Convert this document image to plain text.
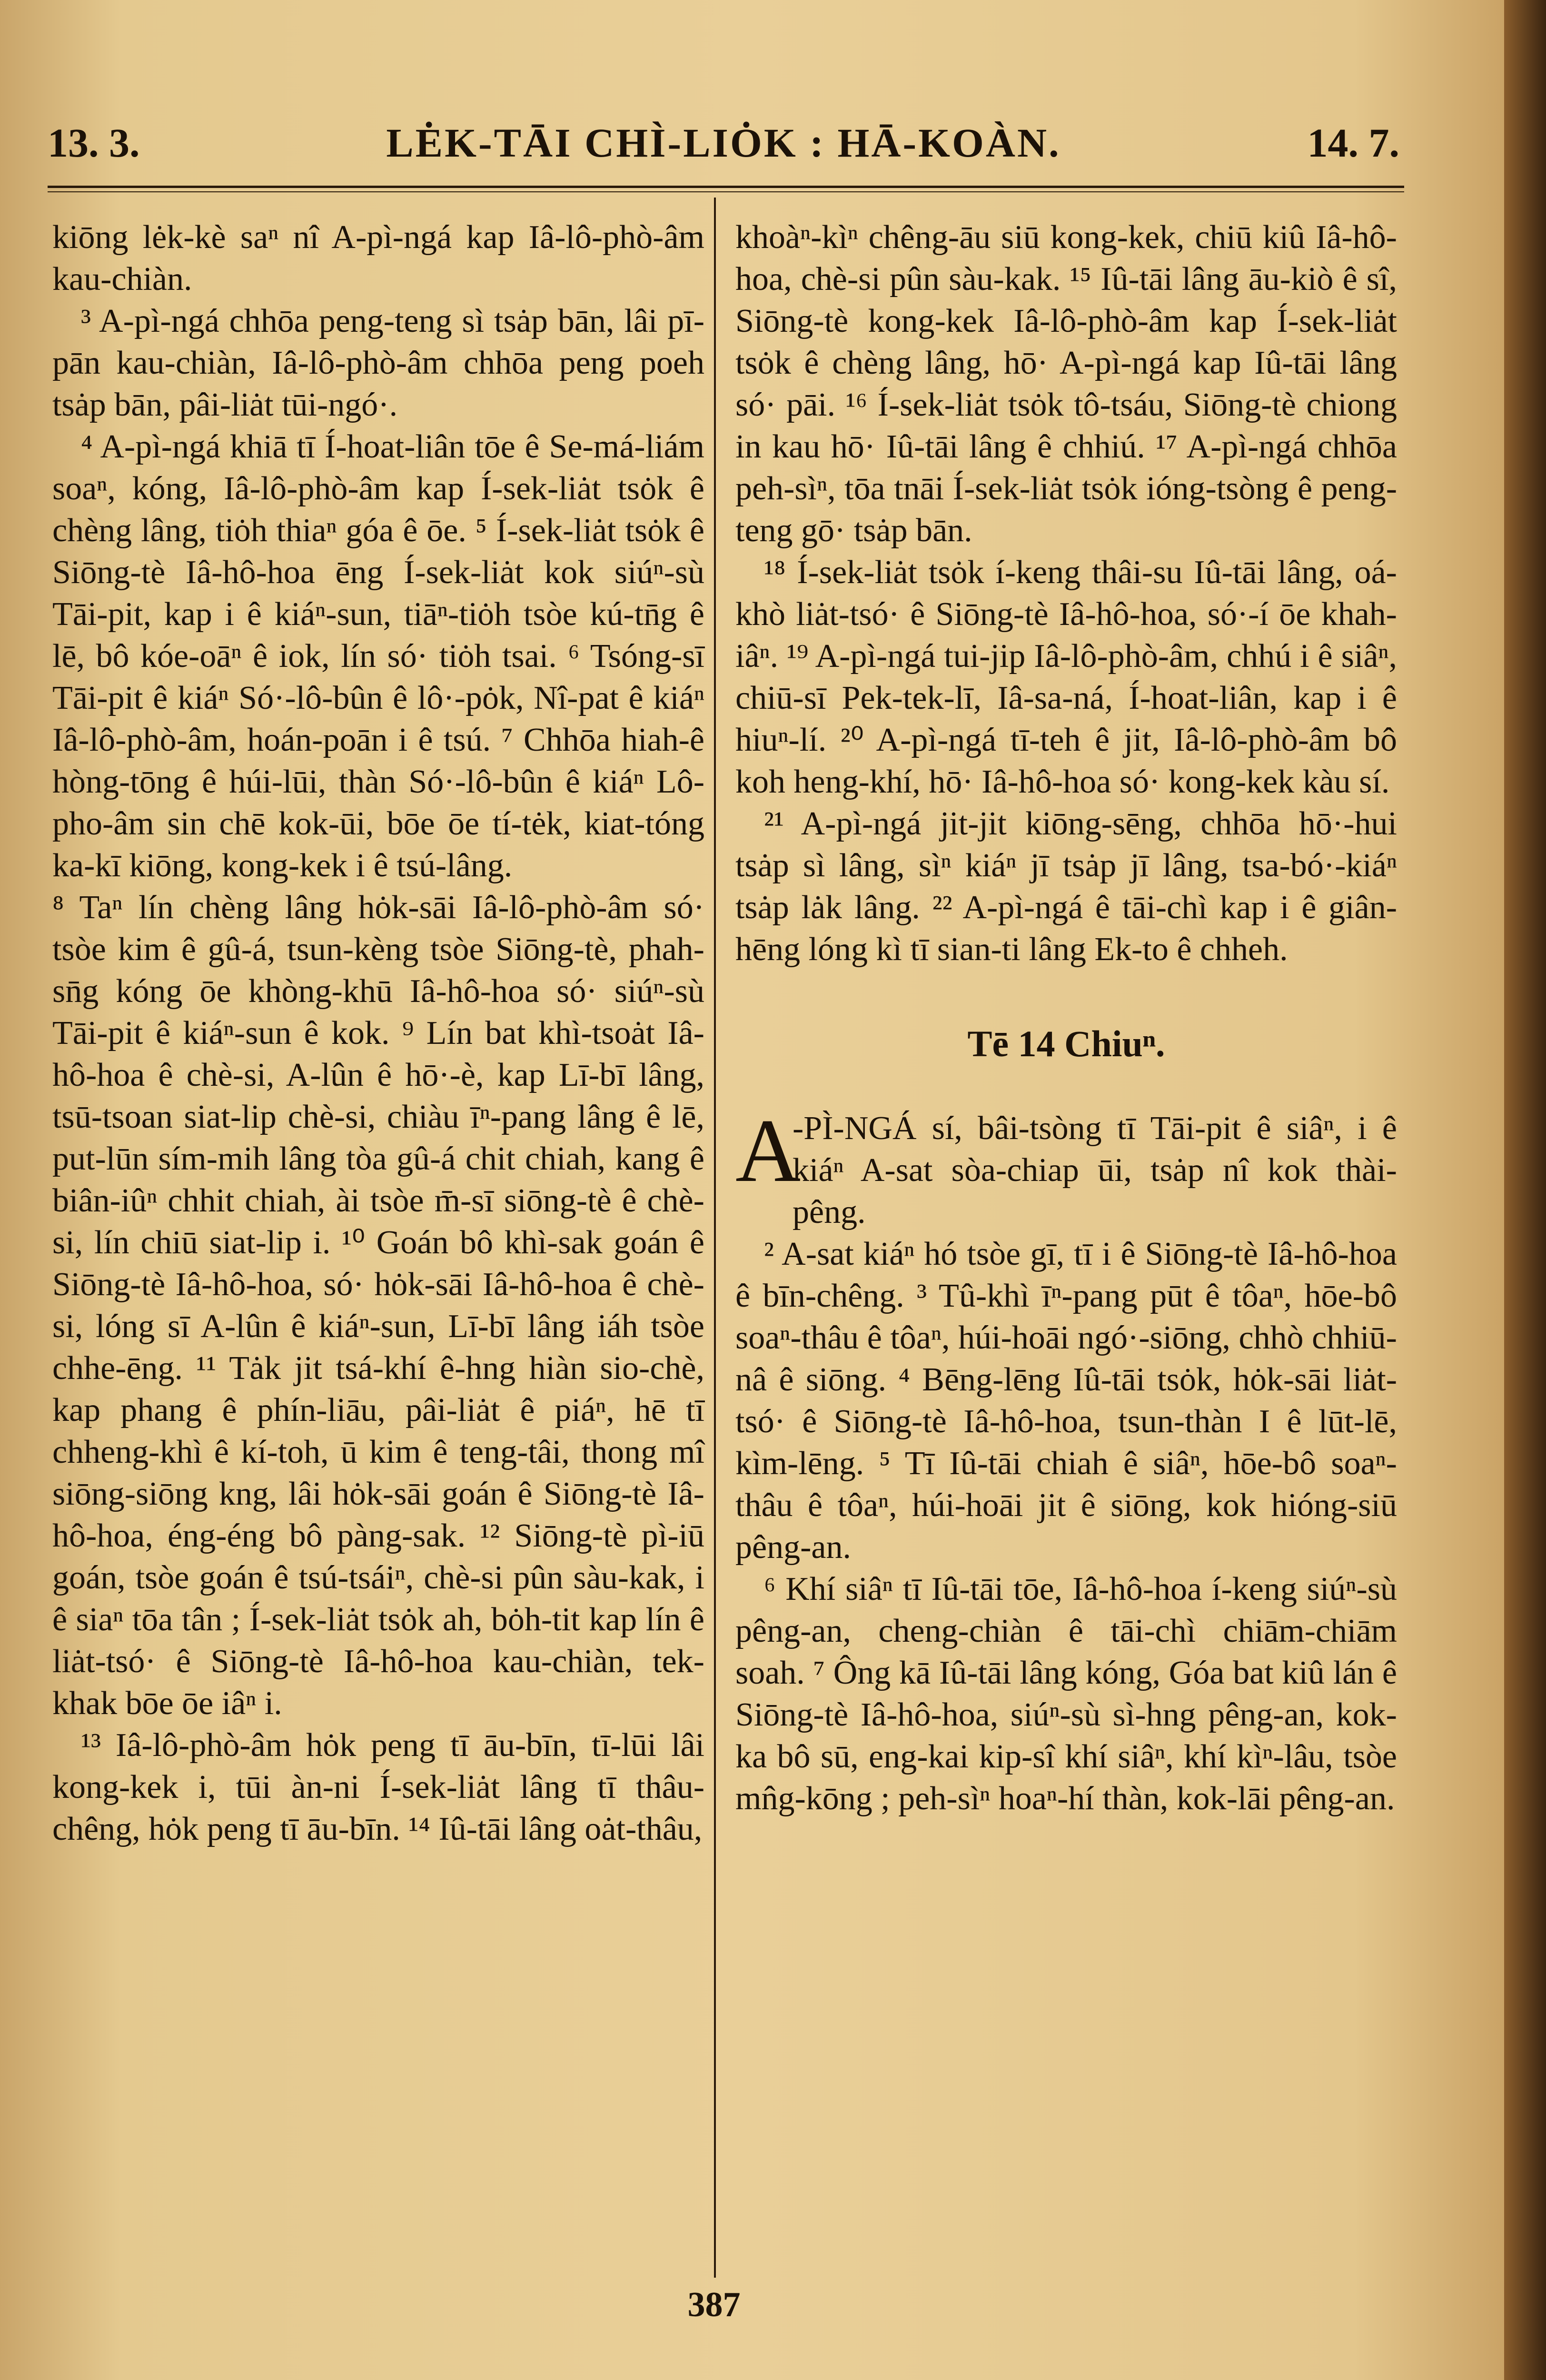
13. 3.	LĖK-TĀI CHÌ-LIȮK : HĀ-KOÀN.	14. 7.

kiōng lėk-kè saⁿ nî A-pì-ngá kap Iâ-lô-phò-âm kau-chiàn.

³ A-pì-ngá chhōa peng-teng sì tsȧp bān, lâi pī-pān kau-chiàn, Iâ-lô-phò-âm chhōa peng poeh tsȧp bān, pâi-liȧt tūi-ngó·.

⁴ A-pì-ngá khiā tī Í-hoat-liân tōe ê Se-má-liám soaⁿ, kóng, Iâ-lô-phò-âm kap Í-sek-liȧt tsȯk ê chèng lâng, tiȯh thiaⁿ góa ê ōe. ⁵ Í-sek-liȧt tsȯk ê Siōng-tè Iâ-hô-hoa ēng Í-sek-liȧt kok siúⁿ-sù Tāi-pit, kap i ê kiáⁿ-sun, tiāⁿ-tiȯh tsòe kú-tn̄g ê lē, bô kóe-oāⁿ ê iok, lín só· tiȯh tsai. ⁶ Tsóng-sī Tāi-pit ê kiáⁿ Só·-lô-bûn ê lô·-pȯk, Nî-pat ê kiáⁿ Iâ-lô-phò-âm, hoán-poān i ê tsú. ⁷ Chhōa hiah-ê hòng-tōng ê húi-lūi, thàn Só·-lô-bûn ê kiáⁿ Lô-pho-âm sin chē kok-ūi, bōe ōe tí-tėk, kiat-tóng ka-kī kiōng, kong-kek i ê tsú-lâng.

⁸ Taⁿ lín chèng lâng hȯk-sāi Iâ-lô-phò-âm só· tsòe kim ê gû-á, tsun-kèng tsòe Siōng-tè, phah-sn̄g kóng ōe khòng-khū Iâ-hô-hoa só· siúⁿ-sù Tāi-pit ê kiáⁿ-sun ê kok. ⁹ Lín bat khì-tsoȧt Iâ-hô-hoa ê chè-si, A-lûn ê hō·-è, kap Lī-bī lâng, tsū-tsoan siat-lip chè-si, chiàu īⁿ-pang lâng ê lē, put-lūn sím-mih lâng tòa gû-á chit chiah, kang ê biân-iûⁿ chhit chiah, ài tsòe m̄-sī siōng-tè ê chè-si, lín chiū siat-lip i. ¹⁰ Goán bô khì-sak goán ê Siōng-tè Iâ-hô-hoa, só· hȯk-sāi Iâ-hô-hoa ê chè-si, lóng sī A-lûn ê kiáⁿ-sun, Lī-bī lâng iáh tsòe chhe-ēng. ¹¹ Tȧk jit tsá-khí ê-hng hiàn sio-chè, kap phang ê phín-liāu, pâi-liȧt ê piáⁿ, hē tī chheng-khì ê kí-toh, ū kim ê teng-tâi, thong mî siōng-siōng kng, lâi hȯk-sāi goán ê Siōng-tè Iâ-hô-hoa, éng-éng bô pàng-sak. ¹² Siōng-tè pì-iū goán, tsòe goán ê tsú-tsáiⁿ, chè-si pûn sàu-kak, i ê siaⁿ tōa tân ; Í-sek-liȧt tsȯk ah, bȯh-tit kap lín ê liȧt-tsó· ê Siōng-tè Iâ-hô-hoa kau-chiàn, tek-khak bōe ōe iâⁿ i.

¹³ Iâ-lô-phò-âm hȯk peng tī āu-bīn, tī-lūi lâi kong-kek i, tūi àn-ni Í-sek-liȧt lâng tī thâu-chêng, hȯk peng tī āu-bīn. ¹⁴ Iû-tāi lâng oȧt-thâu,

khoàⁿ-kìⁿ chêng-āu siū kong-kek, chiū kiû Iâ-hô-hoa, chè-si pûn sàu-kak. ¹⁵ Iû-tāi lâng āu-kiò ê sî, Siōng-tè kong-kek Iâ-lô-phò-âm kap Í-sek-liȧt tsȯk ê chèng lâng, hō· A-pì-ngá kap Iû-tāi lâng só· pāi. ¹⁶ Í-sek-liȧt tsȯk tô-tsáu, Siōng-tè chiong in kau hō· Iû-tāi lâng ê chhiú. ¹⁷ A-pì-ngá chhōa peh-sìⁿ, tōa tnāi Í-sek-liȧt tsȯk ióng-tsòng ê peng-teng gō· tsȧp bān.

¹⁸ Í-sek-liȧt tsȯk í-keng thâi-su Iû-tāi lâng, oá-khò liȧt-tsó· ê Siōng-tè Iâ-hô-hoa, só·-í ōe khah-iâⁿ. ¹⁹ A-pì-ngá tui-jip Iâ-lô-phò-âm, chhú i ê siâⁿ, chiū-sī Pek-tek-lī, Iâ-sa-ná, Í-hoat-liân, kap i ê hiuⁿ-lí. ²⁰ A-pì-ngá tī-teh ê jit, Iâ-lô-phò-âm bô koh heng-khí, hō· Iâ-hô-hoa só· kong-kek kàu sí.

²¹ A-pì-ngá jit-jit kiōng-sēng, chhōa hō·-hui tsȧp sì lâng, sìⁿ kiáⁿ jī tsȧp jī lâng, tsa-bó·-kiáⁿ tsȧp lȧk lâng. ²² A-pì-ngá ê tāi-chì kap i ê giân-hēng lóng kì tī sian-ti lâng Ek-to ê chheh.

Tē 14 Chiuⁿ.

A
-PÌ-NGÁ sí, bâi-tsòng tī Tāi-pit ê siâⁿ, i ê kiáⁿ A-sat sòa-chiap ūi, tsȧp nî kok thài-pêng.

² A-sat kiáⁿ hó tsòe gī, tī i ê Siōng-tè Iâ-hô-hoa ê bīn-chêng. ³ Tû-khì īⁿ-pang pūt ê tôaⁿ, hōe-bô soaⁿ-thâu ê tôaⁿ, húi-hoāi ngó·-siōng, chhò chhiū-nâ ê siōng. ⁴ Bēng-lēng Iû-tāi tsȯk, hȯk-sāi liȧt-tsó· ê Siōng-tè Iâ-hô-hoa, tsun-thàn I ê lūt-lē, kìm-lēng. ⁵ Tī Iû-tāi chiah ê siâⁿ, hōe-bô soaⁿ-thâu ê tôaⁿ, húi-hoāi jit ê siōng, kok hióng-siū pêng-an.

⁶ Khí siâⁿ tī Iû-tāi tōe, Iâ-hô-hoa í-keng siúⁿ-sù pêng-an, cheng-chiàn ê tāi-chì chiām-chiām soah. ⁷ Ông kā Iû-tāi lâng kóng, Góa bat kiû lán ê Siōng-tè Iâ-hô-hoa, siúⁿ-sù sì-hng pêng-an, kok-ka bô sū, eng-kai kip-sî khí siâⁿ, khí kìⁿ-lâu, tsòe mn̂g-kōng ; peh-sìⁿ hoaⁿ-hí thàn, kok-lāi pêng-an.

387
